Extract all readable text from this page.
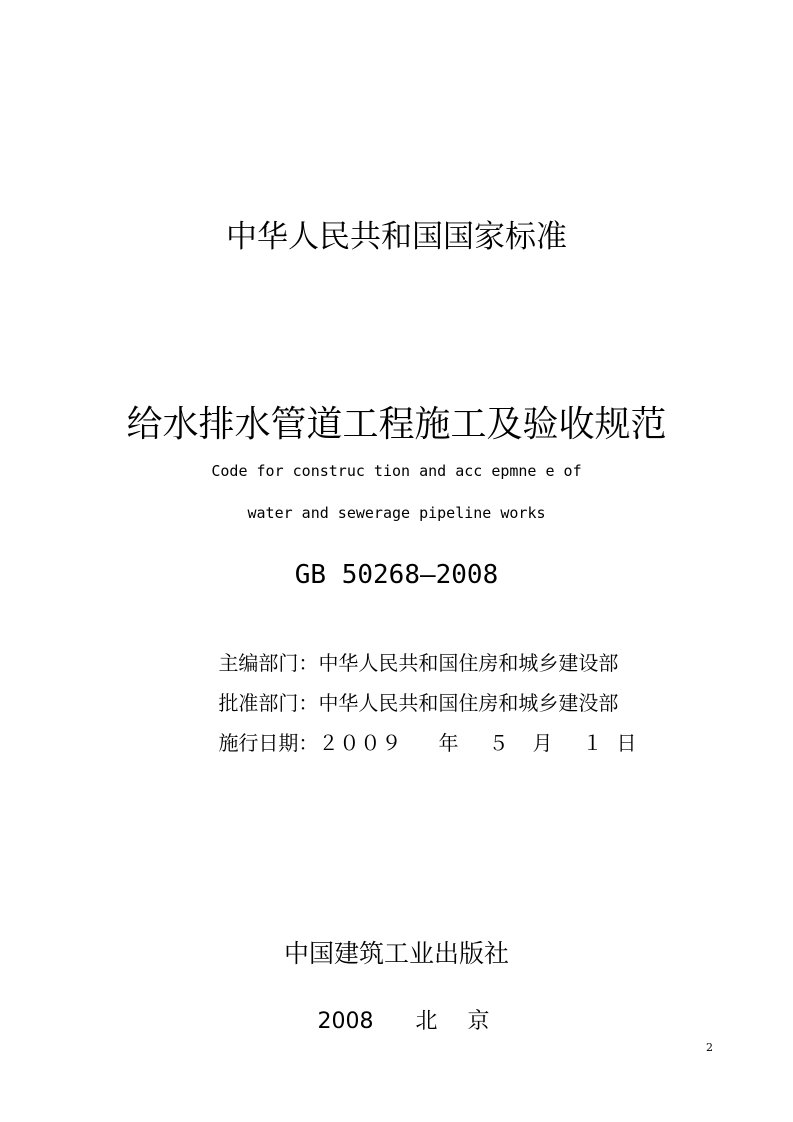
中华人民共和国国家标准
给水排水管道工程施工及验收规范
Code for construc tion and acc epmne e of
water and sewerage pipeline works
GB 50268—2008

主编部门：中华人民共和国住房和城乡建设部

批准部门：中华人民共和国住房和城乡建没部

施行日期：２００９ 年 ５ 月 １ 日

中国建筑工业出版社

2008 北 京

2
